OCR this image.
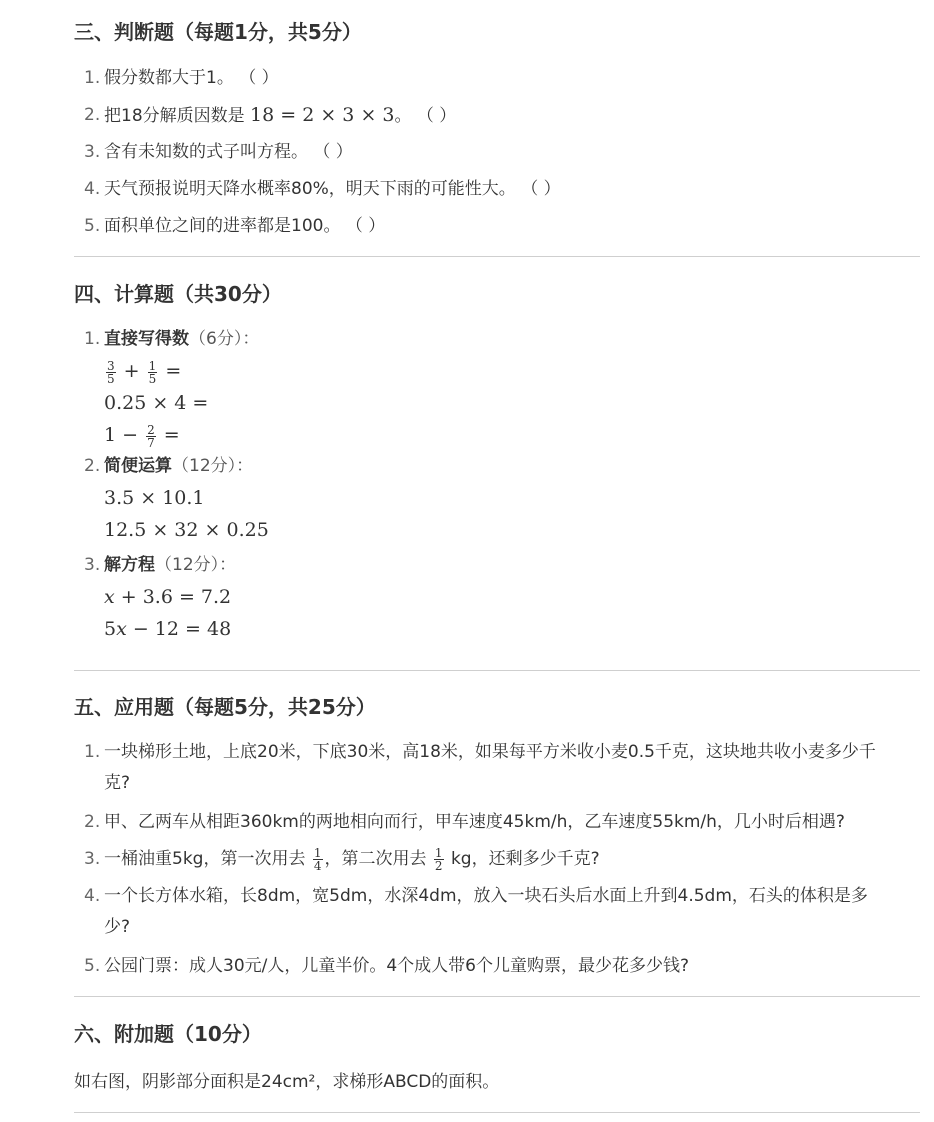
三、判断题（每题1分，共5分）
1. 假分数都大于1。 （ ）
2. 把18分解质因数是 18 = 2 × 3 × 3。 （ ）
3. 含有未知数的式子叫方程。 （ ）
4. 天气预报说明天降水概率80%，明天下雨的可能性大。 （ ）
5. 面积单位之间的进率都是100。 （ ）
四、计算题（共30分）
1. 直接写得数（6分）：
$\frac{3}{5} + \frac{1}{5}$ =
0.25 × 4 =
$1 - \frac{2}{7}$ =
2. 简便运算（12分）：
3.5 × 10.1
12.5 × 32 × 0.25
3. 解方程（12分）：
x + 3.6 = 7.2
5x − 12 = 48
五、应用题（每题5分，共25分）
1. 一块梯形土地，上底20米，下底30米，高18米，如果每平方米收小麦0.5千克，这块地共收小麦多少千
克?
2. 甲、乙两车从相距360km的两地相向而行，甲车速度45km/h，乙车速度55km/h，几小时后相遇?
3. 一桶油重5kg，第一次用去 $\frac{1}{4}$ ，第二次用去 $\frac{1}{2}$ kg，还剩多少千克?
4. 一个长方体水箱，长8dm，宽5dm，水深4dm，放入一块石头后水面上升到4.5dm，石头的体积是多
少?
5. 公园门票：成人30元/人，儿童半价。4个成人带6个儿童购票，最少花多少钱?
六、附加题（10分）

如右图，阴影部分面积是24cm²，求梯形ABCD的面积。
